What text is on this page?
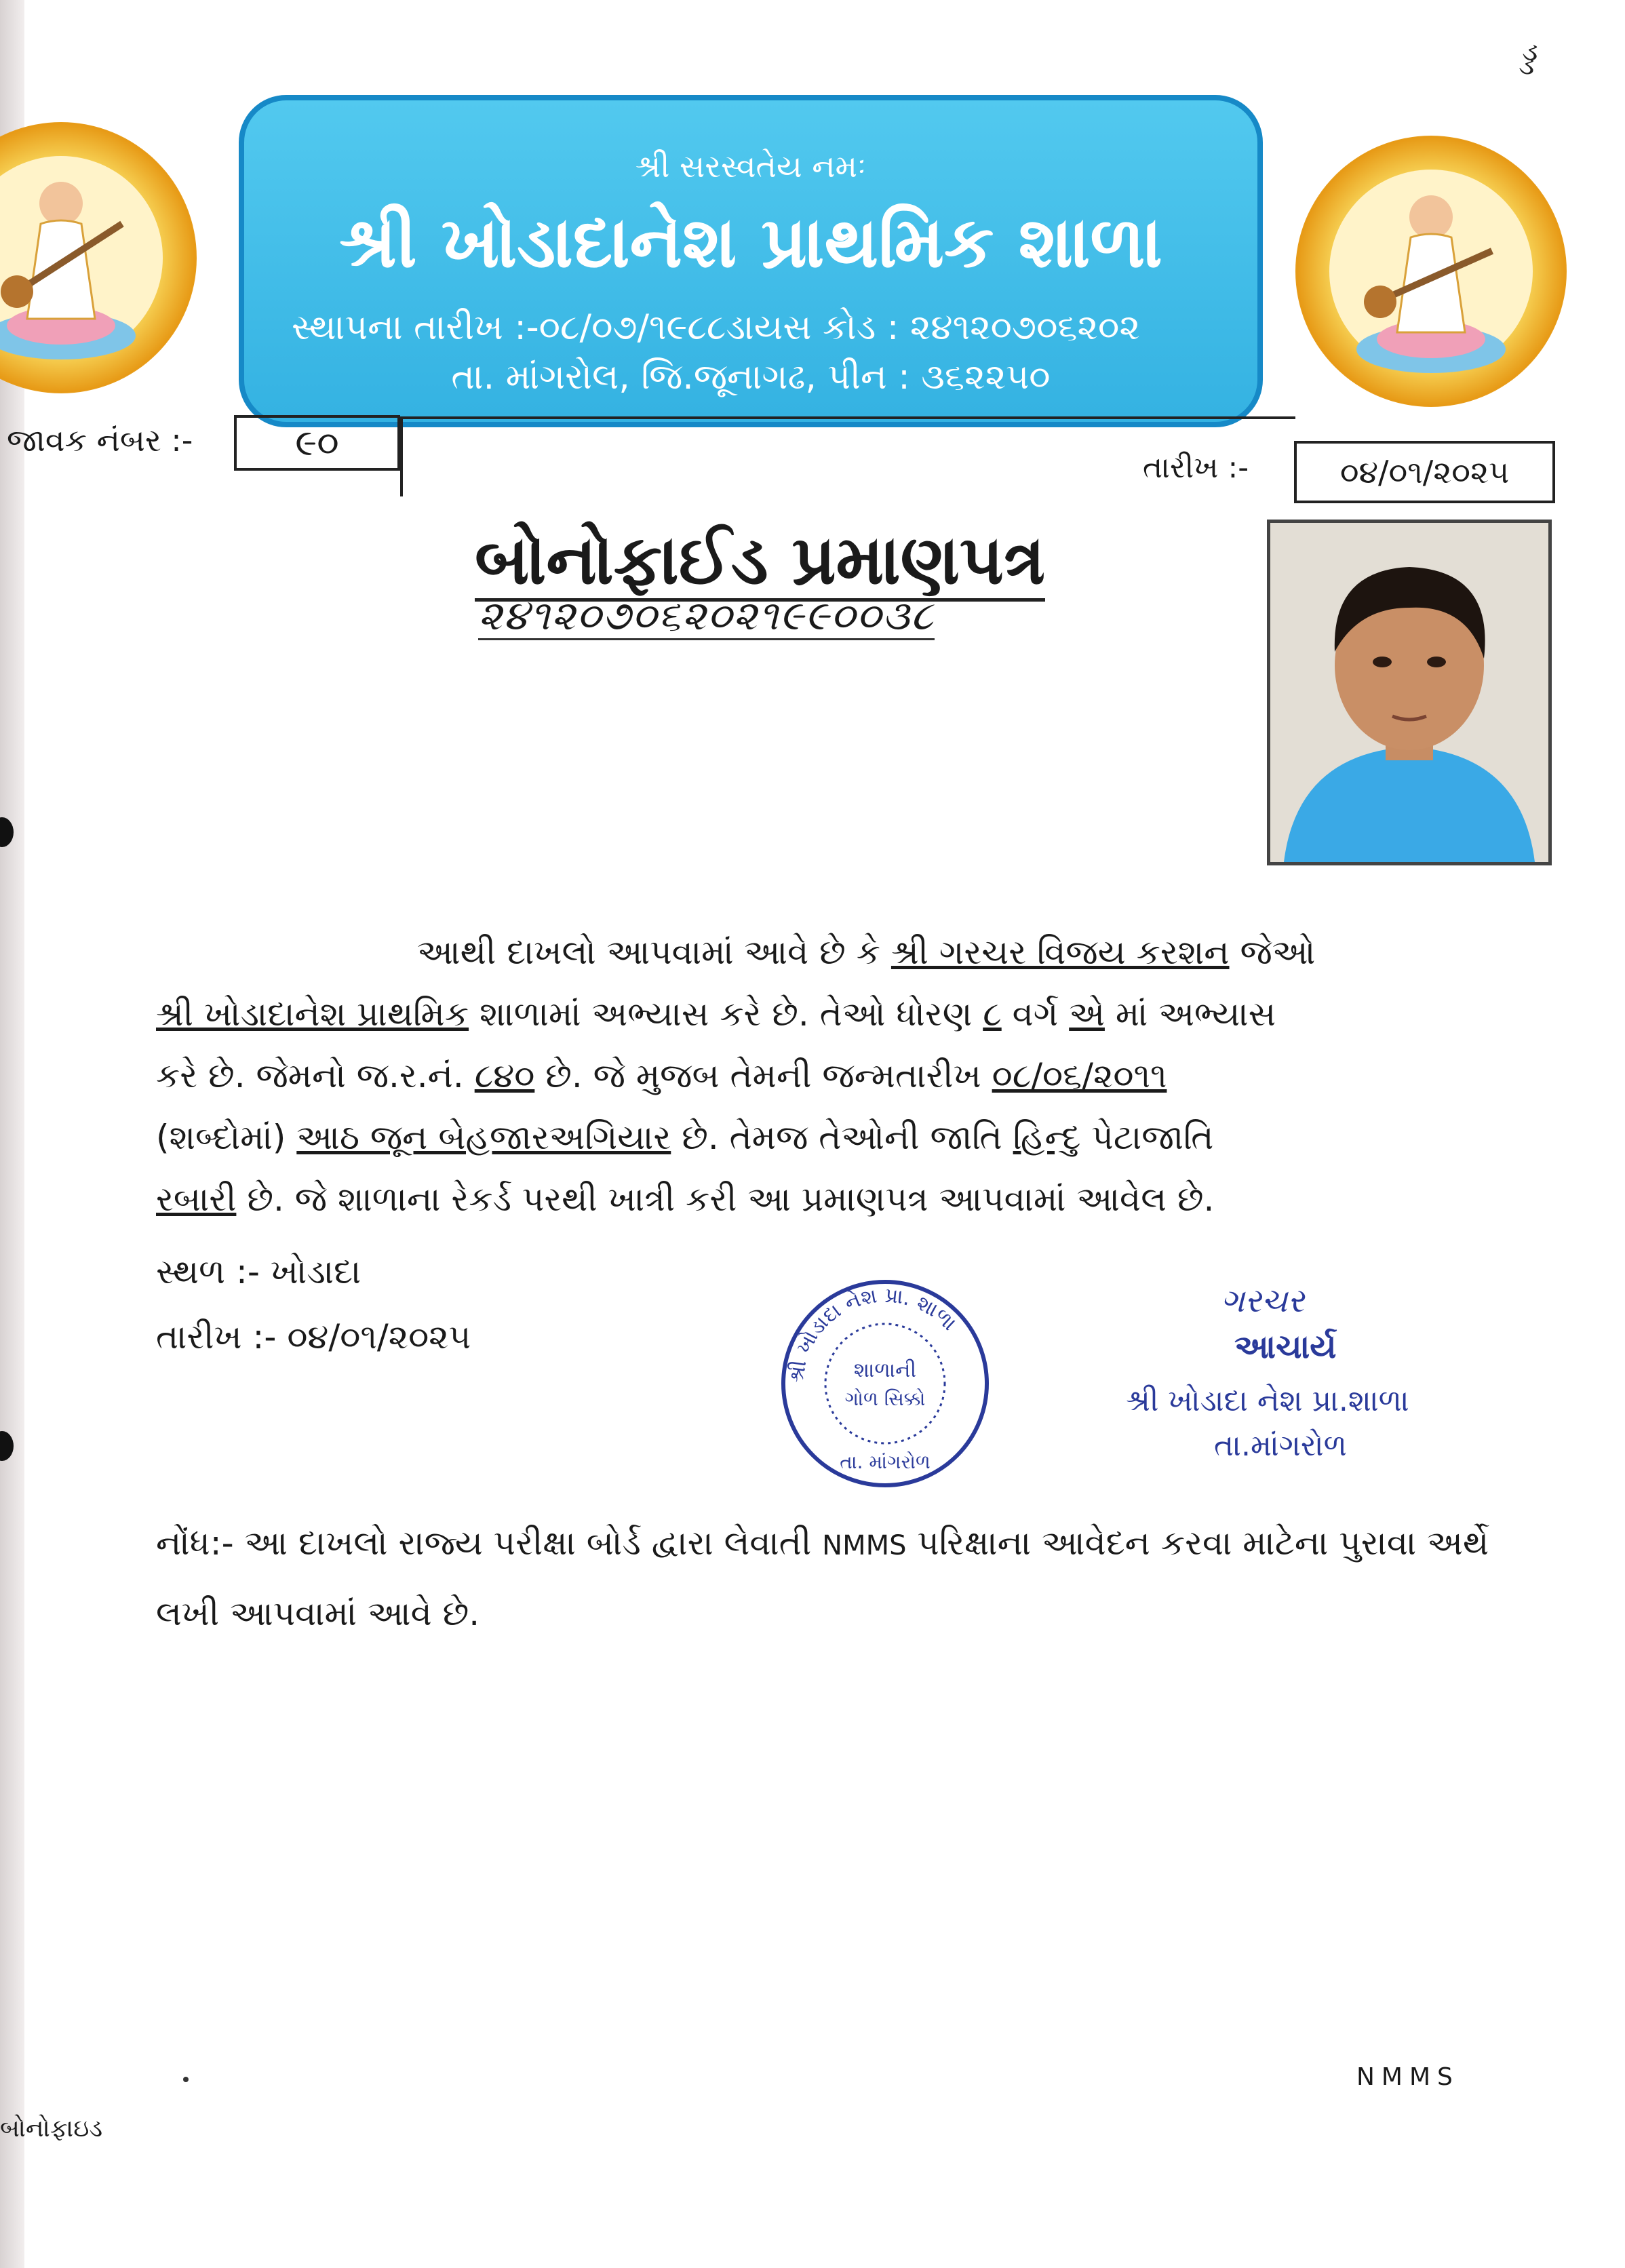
ડ્ડ
શ્રી સરસ્વતેય નમઃ
શ્રી ખોડાદાનેશ પ્રાથમિક શાળા
સ્થાપના તારીખ :-૦૮/૦૭/૧૯૮૮ડાયસ કોડ : ૨૪૧૨૦૭૦૬૨૦૨
તા. માંગરોલ, જિ.જૂનાગઢ, પીન : ૩૬૨૨૫૦
જાવક નંબર :-	૯૦
તારીખ :-	૦૪/૦૧/૨૦૨૫
બોનોફાઈડ પ્રમાણપત્ર
૨૪૧૨૦૭૦૬૨૦૨૧૯૯૦૦૩૮
આથી દાખલો આપવામાં આવે છે કે શ્રી ગરચર વિજય કરશન જેઓ
શ્રી ખોડાદાનેશ પ્રાથમિક શાળામાં અભ્યાસ કરે છે. તેઓ ધોરણ ૮ વર્ગ એ માં અભ્યાસ
કરે છે. જેમનો જ.ર.નં. ૮૪૦ છે. જે મુજબ તેમની જન્મતારીખ ૦૮/૦૬/૨૦૧૧
(શબ્દોમાં) આઠ જૂન બેહજારઅગિયાર છે. તેમજ તેઓની જાતિ હિન્દુ પેટાજાતિ
રબારી છે. જે શાળાના રેકર્ડ પરથી ખાત્રી કરી આ પ્રમાણપત્ર આપવામાં આવેલ છે.
સ્થળ :- ખોડાદા
તારીખ :- ૦૪/૦૧/૨૦૨૫
શ્રી ખોડાદા નેશ પ્રા. શાળા
શાળાની
ગોળ સિક્કો
તા. માંગરોળ
ગરચર
આચાર્ય
શ્રી ખોડાદા નેશ પ્રા.શાળા
તા.માંગરોળ
નોંધ:- આ દાખલો રાજ્ય પરીક્ષા બોર્ડ દ્વારા લેવાતી NMMS પરિક્ષાના આવેદન કરવા માટેના પુરાવા અર્થે લખી આપવામાં આવે છે.
NMMS
બોનોફાઇડ
